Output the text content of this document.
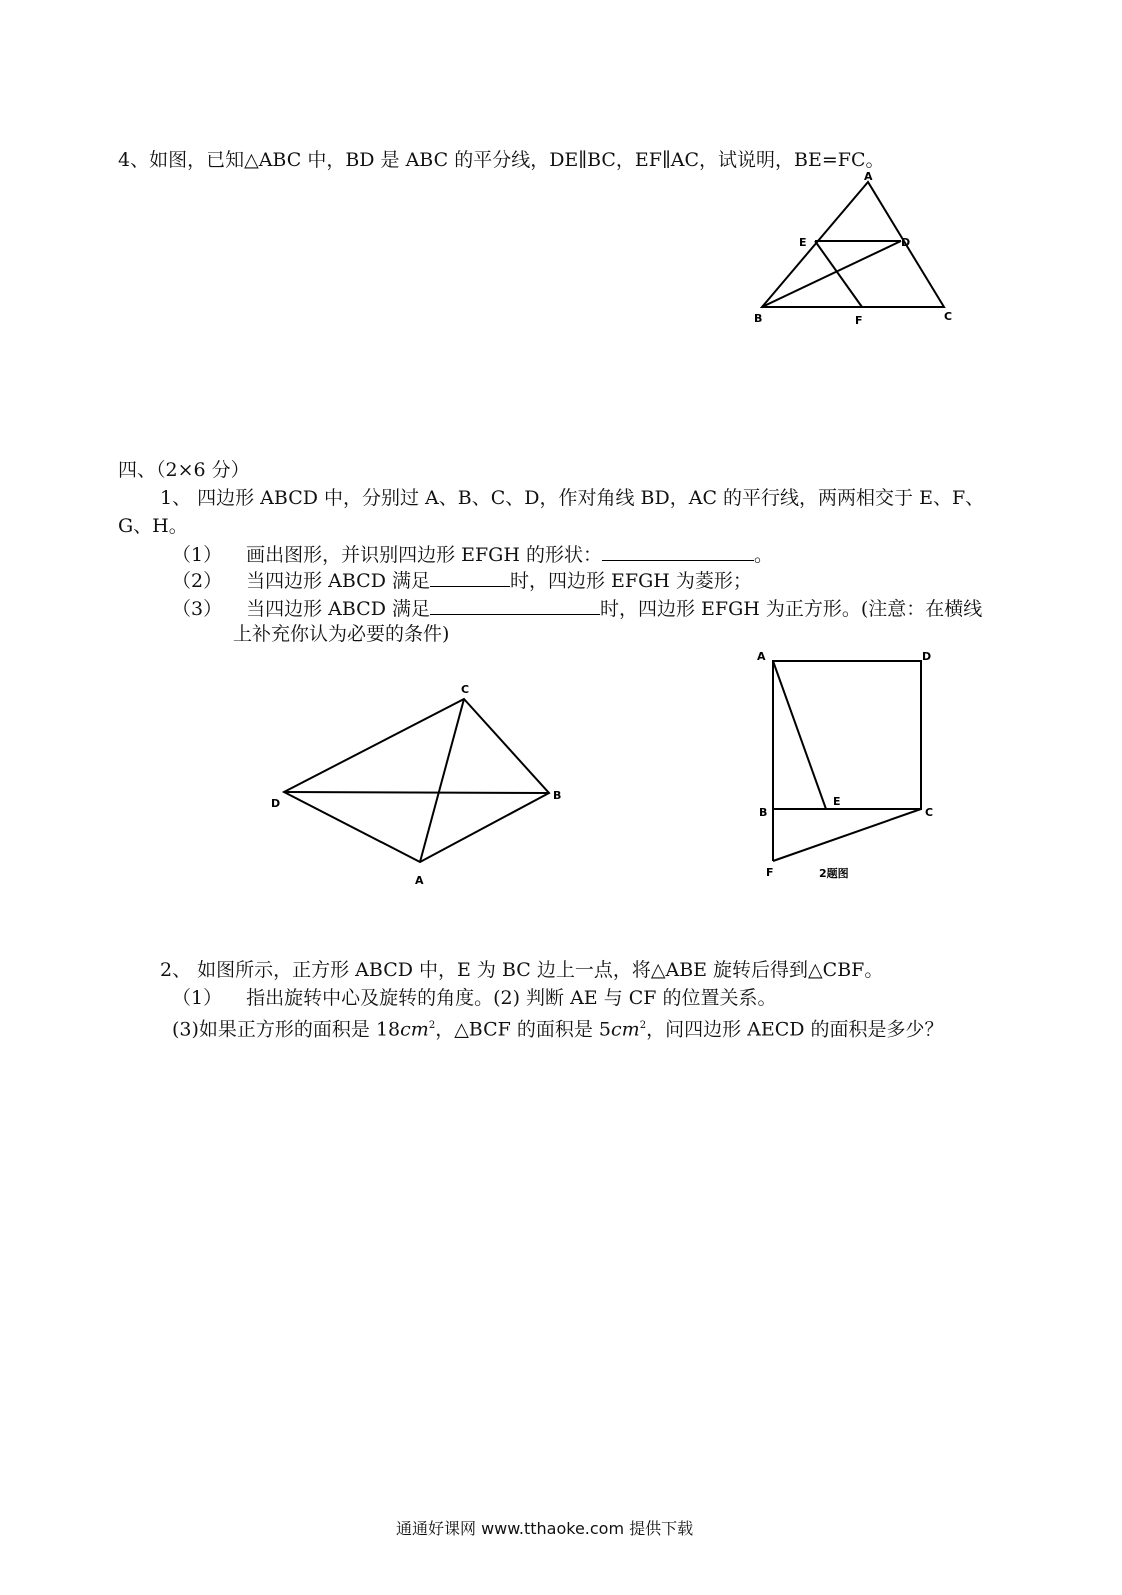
4、如图，已知△ABC 中，BD 是 ABC 的平分线，DE∥BC，EF∥AC，试说明，BE=FC。
A
E	D
B	F	C
四、（2×6 分）
1、 四边形 ABCD 中，分别过 A、B、C、D，作对角线 BD，AC 的平行线，两两相交于 E、F、
G、H。
（1） 画出图形，并识别四边形 EFGH 的形状：	。
（2） 当四边形 ABCD 满足	时，四边形 EFGH 为菱形；
（3） 当四边形 ABCD 满足	时，四边形 EFGH 为正方形。(注意：在横线
上补充你认为必要的条件)
C
D
B
A
A	D
B
E
C
F	2题图
2、 如图所示，正方形 ABCD 中，E 为 BC 边上一点，将△ABE 旋转后得到△CBF。
（1） 指出旋转中心及旋转的角度。(2) 判断 AE 与 CF 的位置关系。
(3)如果正方形的面积是 $18cm^2$，△BCF 的面积是 $5cm^2$，问四边形 AECD 的面积是多少？
通通好课网 www.tthaoke.com 提供下载
